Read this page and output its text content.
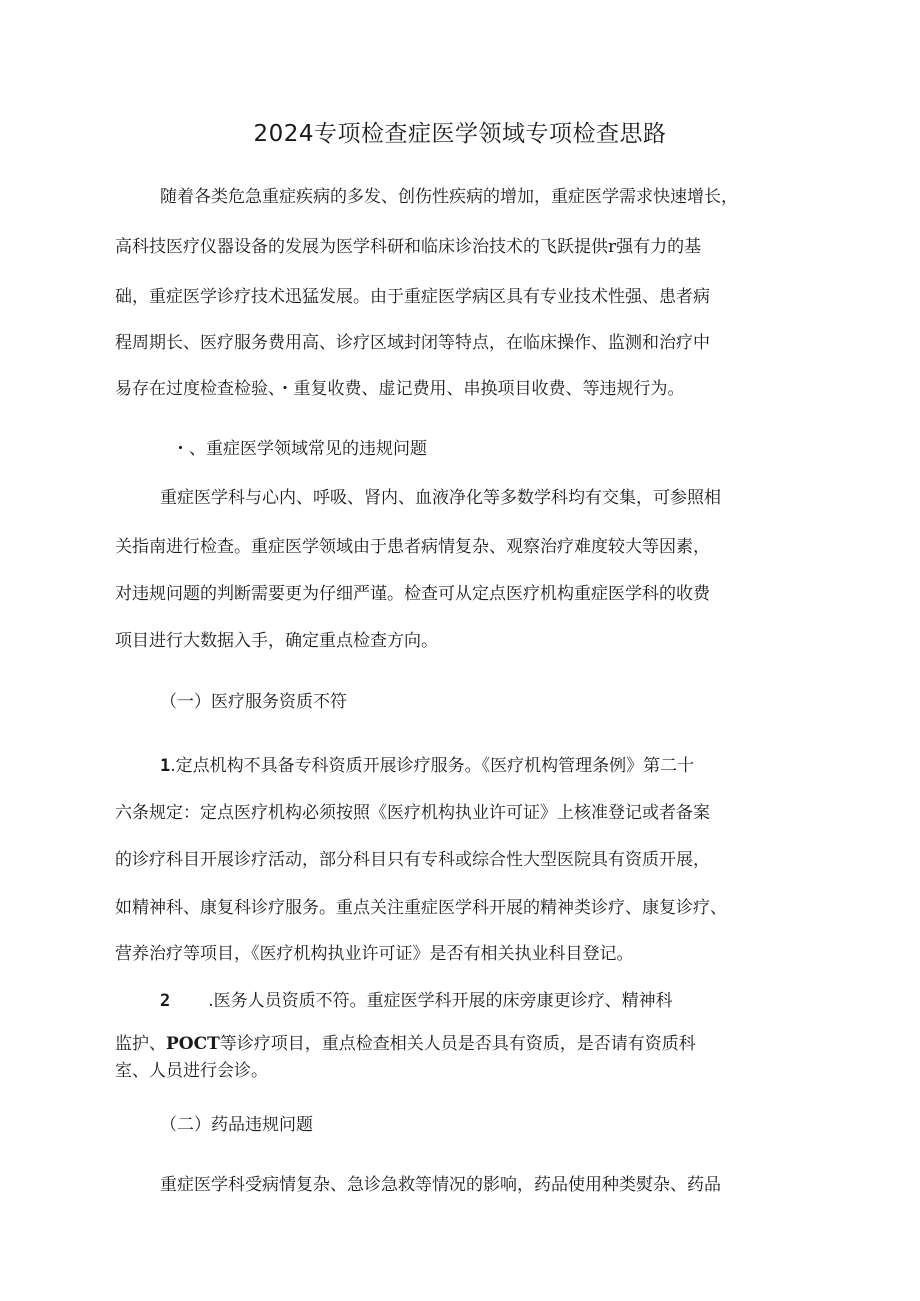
2024专项检查症医学领域专项检查思路

随着各类危急重症疾病的多发、创伤性疾病的增加，重症医学需求快速增长，

高科技医疗仪器设备的发展为医学科研和临床诊治技术的飞跃提供r强有力的基

础，重症医学诊疗技术迅猛发展。由于重症医学病区具有专业技术性强、患者病

程周期长、医疗服务费用高、诊疗区域封闭等特点，在临床操作、监测和治疗中

易存在过度检查检验、・重复收费、虚记费用、串换项目收费、等违规行为。

・、重症医学领域常见的违规问题

重症医学科与心内、呼吸、肾内、血液净化等多数学科均有交集，可参照相

关指南进行检查。重症医学领域由于患者病情复杂、观察治疗难度较大等因素，

对违规问题的判断需要更为仔细严谨。检查可从定点医疗机构重症医学科的收费

项目进行大数据入手，确定重点检查方向。

（一）医疗服务资质不符

1.定点机构不具备专科资质开展诊疗服务。《医疗机构管理条例》第二十

六条规定：定点医疗机构必须按照《医疗机构执业许可证》上核准登记或者备案

的诊疗科目开展诊疗活动，部分科目只有专科或综合性大型医院具有资质开展，

如精神科、康复科诊疗服务。重点关注重症医学科开展的精神类诊疗、康复诊疗、

营养治疗等项目，《医疗机构执业许可证》是否有相关执业科目登记。

2 .医务人员资质不符。重症医学科开展的床旁康更诊疗、精神科

监护、POCT等诊疗项目，重点检查相关人员是否具有资质，是否请有资质科

室、人员进行会诊。

（二）药品违规问题

重症医学科受病情复杂、急诊急救等情况的影响，药品使用种类熨杂、药品
